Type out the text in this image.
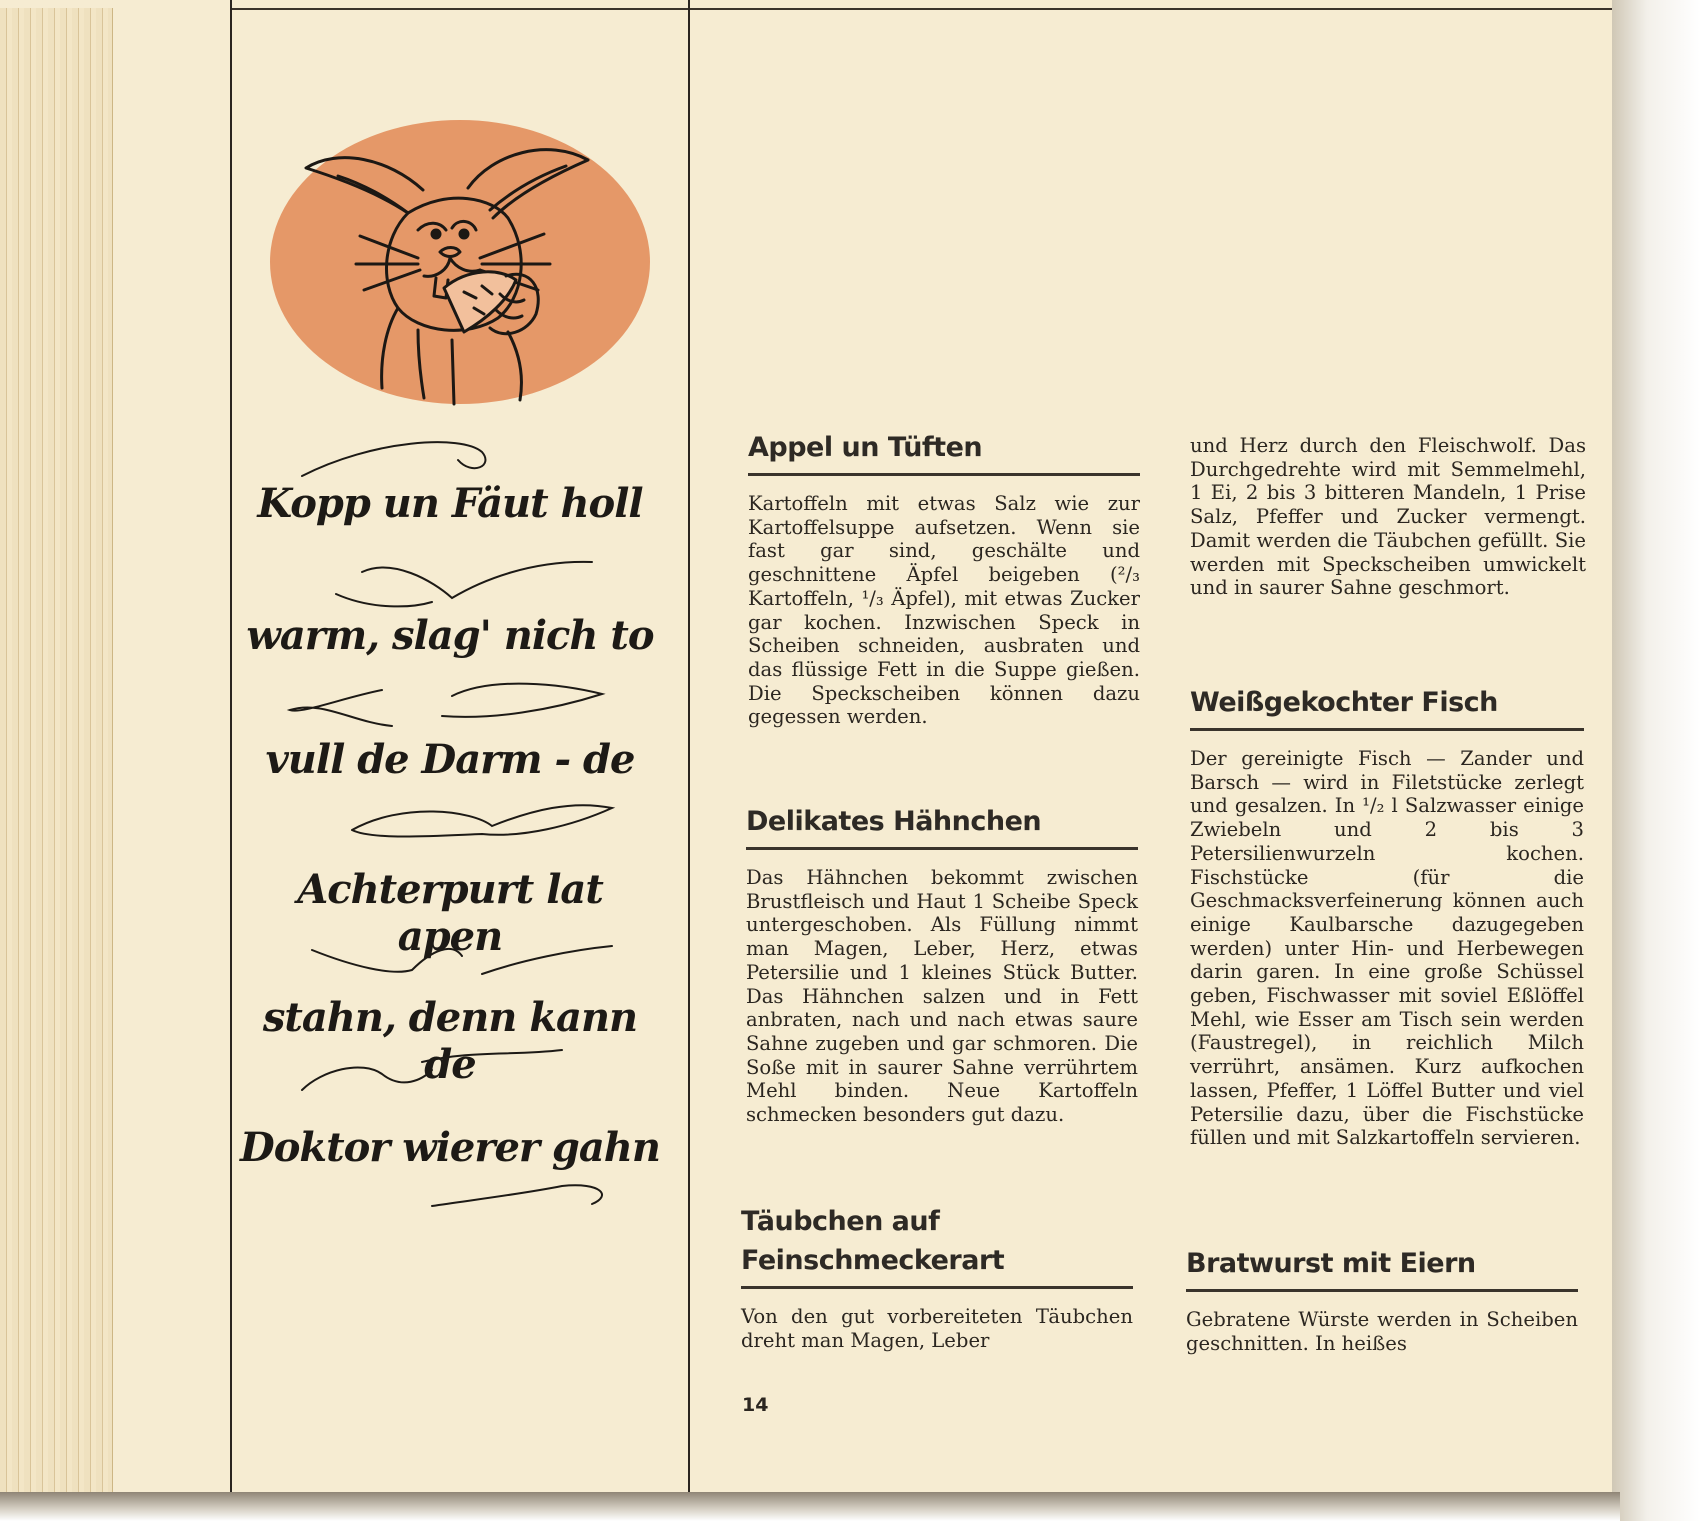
Kopp un Fäut holl
warm, slag' nich to
vull de Darm - de
Achterpurt lat apen
stahn, denn kann de
Doktor wierer gahn
Appel un Tüften

Kartoffeln mit etwas Salz wie zur Kartoffelsuppe aufsetzen. Wenn sie fast gar sind, geschälte und geschnittene Äpfel beigeben (²/₃ Kartoffeln, ¹/₃ Äpfel), mit etwas Zucker gar kochen. Inzwischen Speck in Scheiben schneiden, ausbraten und das flüssige Fett in die Suppe gießen. Die Speckscheiben können dazu gegessen werden.

Delikates Hähnchen

Das Hähnchen bekommt zwischen Brustfleisch und Haut 1 Scheibe Speck untergeschoben. Als Füllung nimmt man Magen, Leber, Herz, etwas Petersilie und 1 kleines Stück Butter. Das Hähnchen salzen und in Fett anbraten, nach und nach etwas saure Sahne zugeben und gar schmoren. Die Soße mit in saurer Sahne verrührtem Mehl binden. Neue Kartoffeln schmecken besonders gut dazu.

Täubchen auf
Feinschmeckerart

Von den gut vorbereiteten Täubchen dreht man Magen, Leber

und Herz durch den Fleischwolf. Das Durchgedrehte wird mit Semmelmehl, 1 Ei, 2 bis 3 bitteren Mandeln, 1 Prise Salz, Pfeffer und Zucker vermengt. Damit werden die Täubchen gefüllt. Sie werden mit Speckscheiben umwickelt und in saurer Sahne geschmort.

Weißgekochter Fisch

Der gereinigte Fisch — Zander und Barsch — wird in Filetstücke zerlegt und gesalzen. In ¹/₂ l Salzwasser einige Zwiebeln und 2 bis 3 Petersilienwurzeln kochen. Fischstücke (für die Geschmacksverfeinerung können auch einige Kaulbarsche dazugegeben werden) unter Hin- und Herbewegen darin garen. In eine große Schüssel geben, Fischwasser mit soviel Eßlöffel Mehl, wie Esser am Tisch sein werden (Faustregel), in reichlich Milch verrührt, ansämen. Kurz aufkochen lassen, Pfeffer, 1 Löffel Butter und viel Petersilie dazu, über die Fischstücke füllen und mit Salzkartoffeln servieren.

Bratwurst mit Eiern

Gebratene Würste werden in Scheiben geschnitten. In heißes

14
